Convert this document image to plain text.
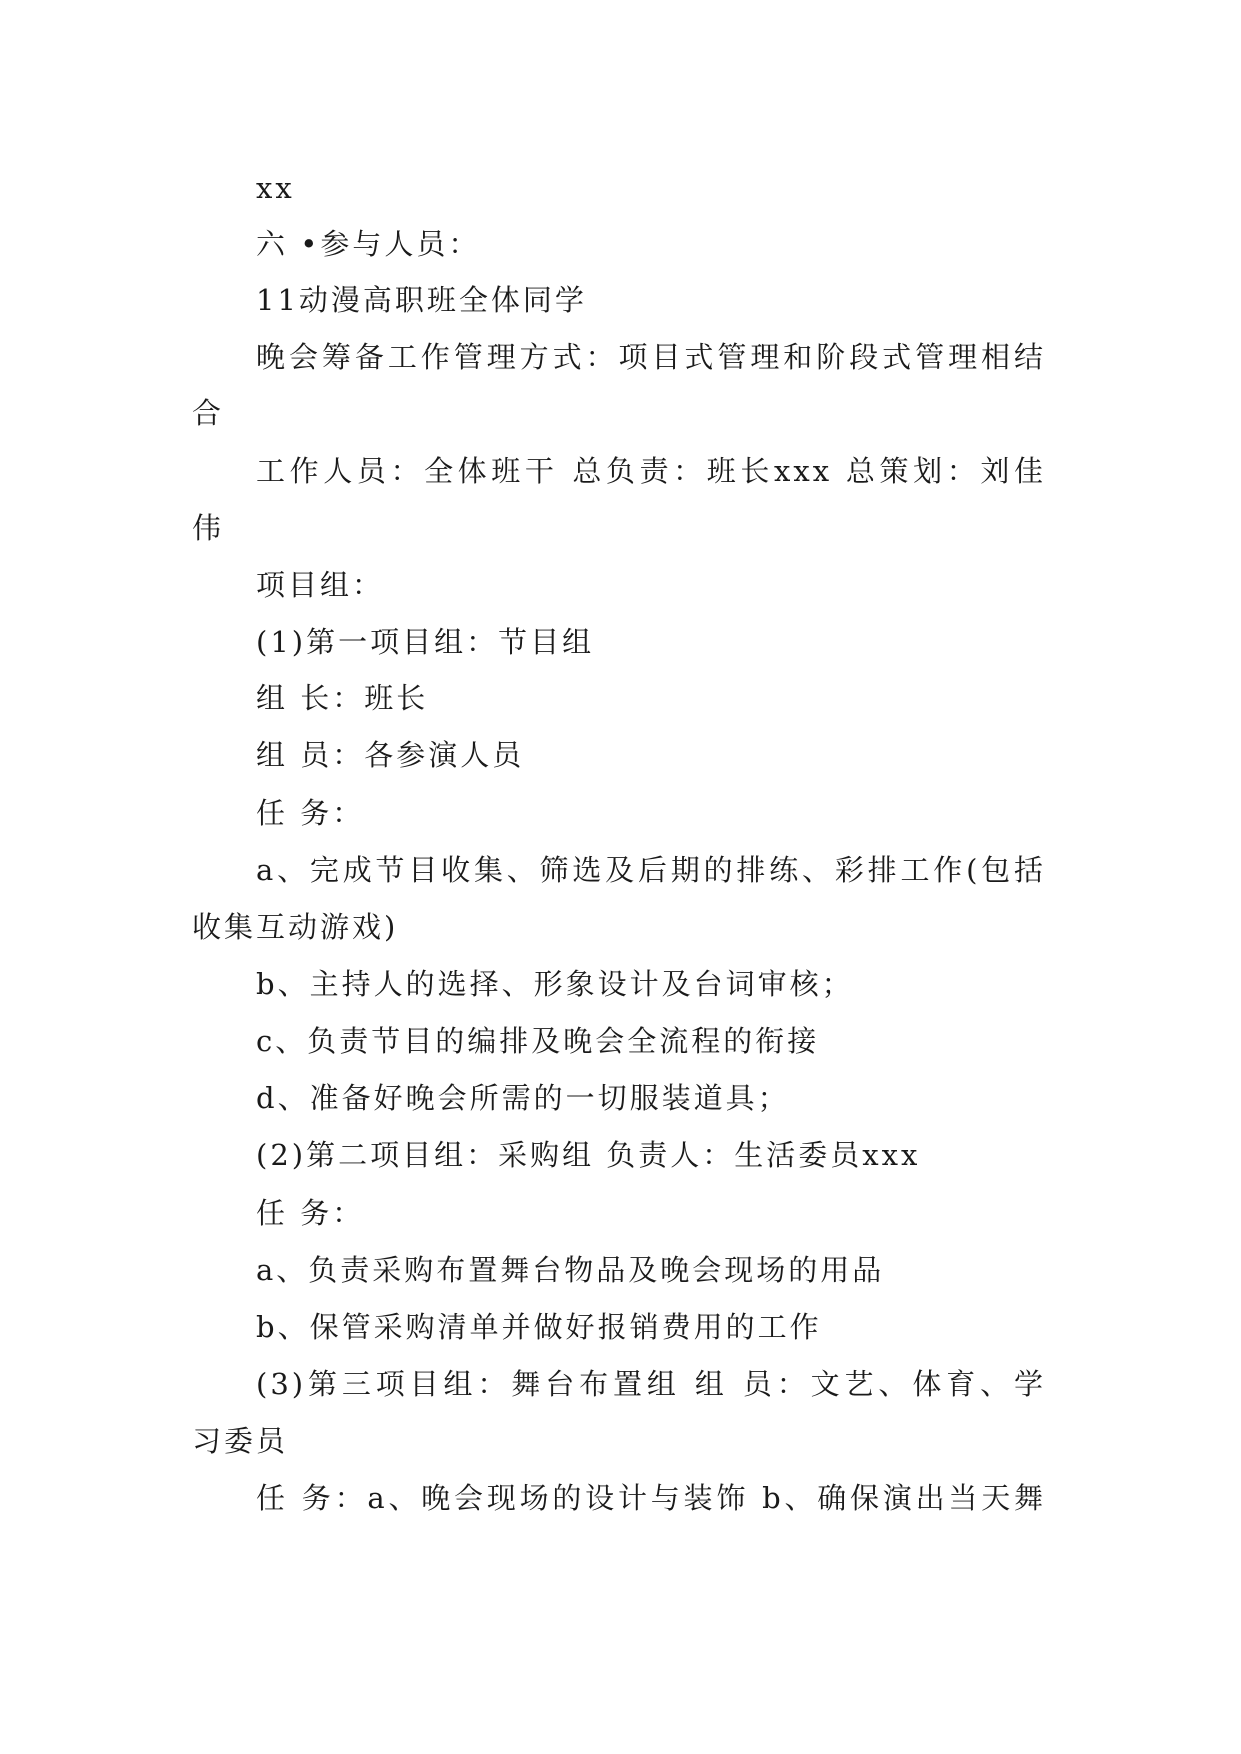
xx
六 •参与人员：
11动漫高职班全体同学
晚会筹备工作管理方式：项目式管理和阶段式管理相结
合
工作人员：全体班干 总负责：班长xxx 总策划：刘佳
伟
项目组：
(1)第一项目组：节目组
组 长：班长
组 员：各参演人员
任 务：
a、完成节目收集、筛选及后期的排练、彩排工作(包括
收集互动游戏)
b、主持人的选择、形象设计及台词审核；
c、负责节目的编排及晚会全流程的衔接
d、准备好晚会所需的一切服装道具；
(2)第二项目组：采购组 负责人：生活委员xxx
任 务：
a、负责采购布置舞台物品及晚会现场的用品
b、保管采购清单并做好报销费用的工作
(3)第三项目组：舞台布置组 组 员：文艺、体育、学
习委员
任 务：a、晚会现场的设计与装饰 b、确保演出当天舞
